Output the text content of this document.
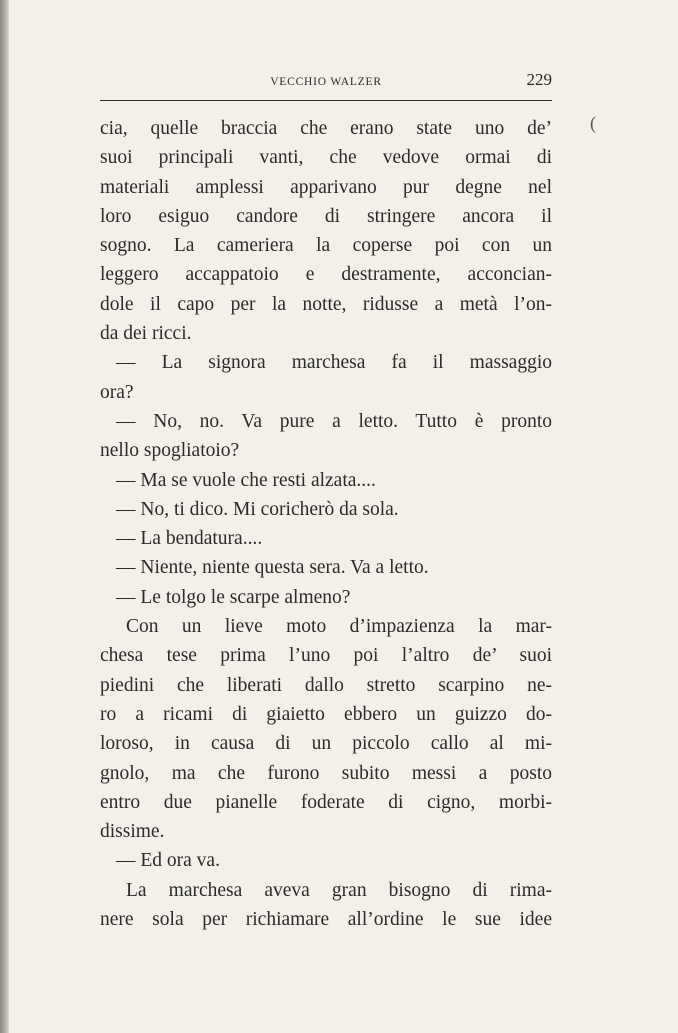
VECCHIO WALZER	229
(
cia, quelle braccia che erano state uno de’
suoi principali vanti, che vedove ormai di
materiali amplessi apparivano pur degne nel
loro esiguo candore di stringere ancora il
sogno. La cameriera la coperse poi con un
leggero accappatoio e destramente, acconcian-
dole il capo per la notte, ridusse a metà l’on-
da dei ricci.
— La signora marchesa fa il massaggio
ora?
— No, no. Va pure a letto. Tutto è pronto
nello spogliatoio?
— Ma se vuole che resti alzata....
— No, ti dico. Mi coricherò da sola.
— La bendatura....
— Niente, niente questa sera. Va a letto.
— Le tolgo le scarpe almeno?
Con un lieve moto d’impazienza la mar-
chesa tese prima l’uno poi l’altro de’ suoi
piedini che liberati dallo stretto scarpino ne-
ro a ricami di giaietto ebbero un guizzo do-
loroso, in causa di un piccolo callo al mi-
gnolo, ma che furono subito messi a posto
entro due pianelle foderate di cigno, morbi-
dissime.
— Ed ora va.
La marchesa aveva gran bisogno di rima-
nere sola per richiamare all’ordine le sue idee
